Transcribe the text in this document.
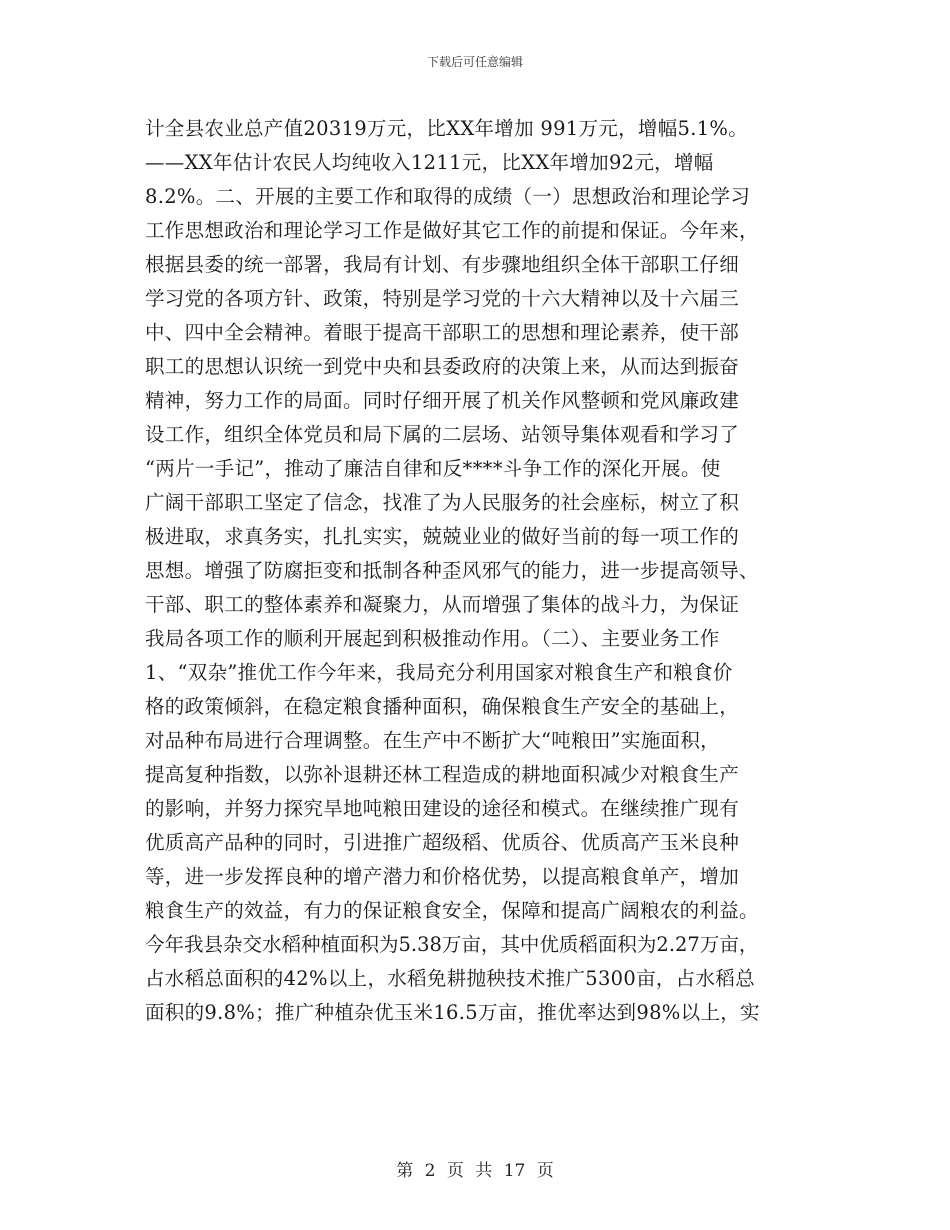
下载后可任意编辑
计全县农业总产值20319万元，比XX年增加 991万元，增幅5.1%。
——XX年估计农民人均纯收入1211元，比XX年增加92元，增幅
8.2%。二、开展的主要工作和取得的成绩（一）思想政治和理论学习
工作思想政治和理论学习工作是做好其它工作的前提和保证。今年来，
根据县委的统一部署，我局有计划、有步骤地组织全体干部职工仔细
学习党的各项方针、政策，特别是学习党的十六大精神以及十六届三
中、四中全会精神。着眼于提高干部职工的思想和理论素养，使干部
职工的思想认识统一到党中央和县委政府的决策上来，从而达到振奋
精神，努力工作的局面。同时仔细开展了机关作风整顿和党风廉政建
设工作，组织全体党员和局下属的二层场、站领导集体观看和学习了
“两片一手记”，推动了廉洁自律和反****斗争工作的深化开展。使
广阔干部职工坚定了信念，找准了为人民服务的社会座标，树立了积
极进取，求真务实，扎扎实实，兢兢业业的做好当前的每一项工作的
思想。增强了防腐拒变和抵制各种歪风邪气的能力，进一步提高领导、
干部、职工的整体素养和凝聚力，从而增强了集体的战斗力，为保证
我局各项工作的顺利开展起到积极推动作用。（二）、主要业务工作
1、“双杂”推优工作今年来，我局充分利用国家对粮食生产和粮食价
格的政策倾斜，在稳定粮食播种面积，确保粮食生产安全的基础上，
对品种布局进行合理调整。在生产中不断扩大“吨粮田”实施面积，
提高复种指数，以弥补退耕还林工程造成的耕地面积减少对粮食生产
的影响，并努力探究旱地吨粮田建设的途径和模式。在继续推广现有
优质高产品种的同时，引进推广超级稻、优质谷、优质高产玉米良种
等，进一步发挥良种的增产潜力和价格优势，以提高粮食单产，增加
粮食生产的效益，有力的保证粮食安全，保障和提高广阔粮农的利益。
今年我县杂交水稻种植面积为5.38万亩，其中优质稻面积为2.27万亩，
占水稻总面积的42%以上，水稻免耕抛秧技术推广5300亩，占水稻总
面积的9.8%；推广种植杂优玉米16.5万亩，推优率达到98%以上，实
第 2 页 共 17 页
